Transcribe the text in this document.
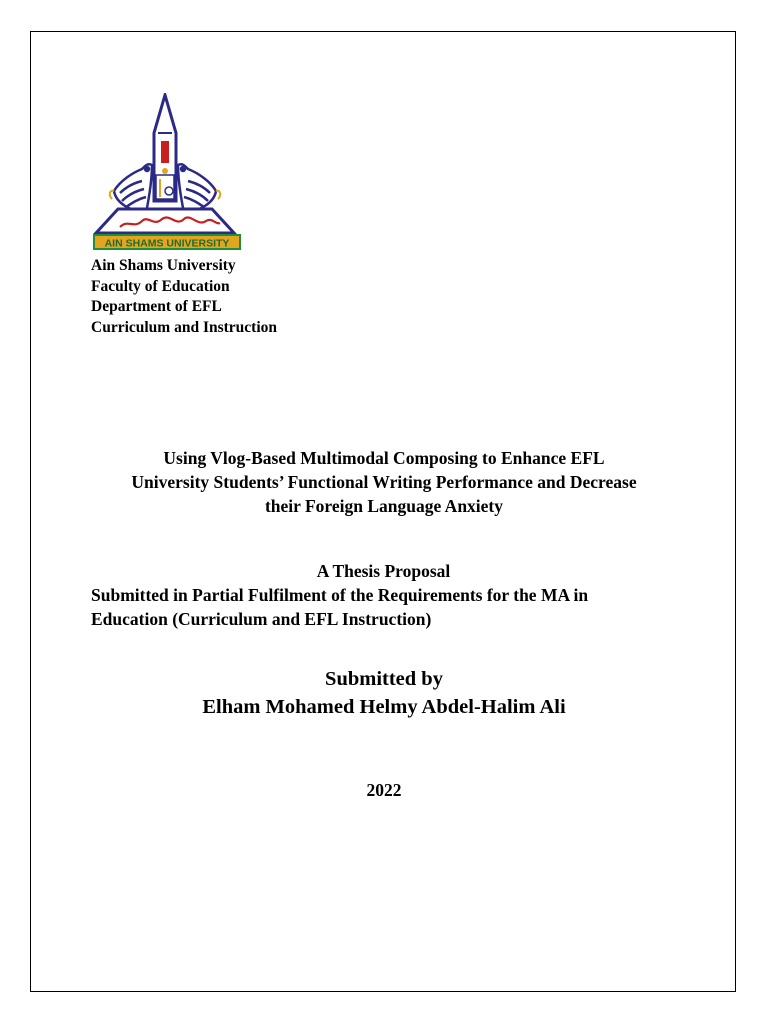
AIN SHAMS UNIVERSITY
Ain Shams University
Faculty of Education
Department of EFL
Curriculum and Instruction
Using Vlog-Based Multimodal Composing to Enhance EFL
University Students’ Functional Writing Performance and Decrease
their Foreign Language Anxiety
A Thesis Proposal
Submitted in Partial Fulfilment of the Requirements for the MA in
Education (Curriculum and EFL Instruction)
Submitted by
Elham Mohamed Helmy Abdel-Halim Ali
2022
